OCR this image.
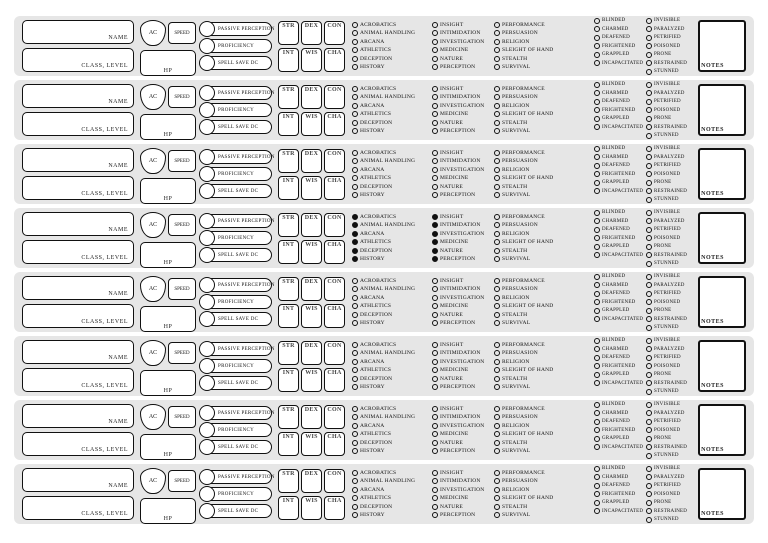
NAME
CLASS, LEVEL
AC	SPEED
HP
PASSIVE PERCEPTION
PROFICIENCY
SPELL SAVE DC
STR	DEX	CON
INT	WIS	CHA
ACROBATICS
ANIMAL HANDLING
ARCANA
ATHLETICS
DECEPTION
HISTORY
INSIGHT
INTIMIDATION
INVESTIGATION
MEDICINE
NATURE
PERCEPTION
PERFORMANCE
PERSUASION
RELIGION
SLEIGHT OF HAND
STEALTH
SURVIVAL
BLINDED
CHARMED
DEAFENED
FRIGHTENED
GRAPPLED
INCAPACITATED
INVISIBLE
PARALYZED
PETRIFIED
POISONED
PRONE
RESTRAINED
STUNNED
NOTES
NAME
CLASS, LEVEL
AC	SPEED
HP
PASSIVE PERCEPTION
PROFICIENCY
SPELL SAVE DC
STR	DEX	CON
INT	WIS	CHA
ACROBATICS
ANIMAL HANDLING
ARCANA
ATHLETICS
DECEPTION
HISTORY
INSIGHT
INTIMIDATION
INVESTIGATION
MEDICINE
NATURE
PERCEPTION
PERFORMANCE
PERSUASION
RELIGION
SLEIGHT OF HAND
STEALTH
SURVIVAL
BLINDED
CHARMED
DEAFENED
FRIGHTENED
GRAPPLED
INCAPACITATED
INVISIBLE
PARALYZED
PETRIFIED
POISONED
PRONE
RESTRAINED
STUNNED
NOTES
NAME
CLASS, LEVEL
AC	SPEED
HP
PASSIVE PERCEPTION
PROFICIENCY
SPELL SAVE DC
STR	DEX	CON
INT	WIS	CHA
ACROBATICS
ANIMAL HANDLING
ARCANA
ATHLETICS
DECEPTION
HISTORY
INSIGHT
INTIMIDATION
INVESTIGATION
MEDICINE
NATURE
PERCEPTION
PERFORMANCE
PERSUASION
RELIGION
SLEIGHT OF HAND
STEALTH
SURVIVAL
BLINDED
CHARMED
DEAFENED
FRIGHTENED
GRAPPLED
INCAPACITATED
INVISIBLE
PARALYZED
PETRIFIED
POISONED
PRONE
RESTRAINED
STUNNED
NOTES
NAME
CLASS, LEVEL
AC	SPEED
HP
PASSIVE PERCEPTION
PROFICIENCY
SPELL SAVE DC
STR	DEX	CON
INT	WIS	CHA
ACROBATICS
ANIMAL HANDLING
ARCANA
ATHLETICS
DECEPTION
HISTORY
INSIGHT
INTIMIDATION
INVESTIGATION
MEDICINE
NATURE
PERCEPTION
PERFORMANCE
PERSUASION
RELIGION
SLEIGHT OF HAND
STEALTH
SURVIVAL
BLINDED
CHARMED
DEAFENED
FRIGHTENED
GRAPPLED
INCAPACITATED
INVISIBLE
PARALYZED
PETRIFIED
POISONED
PRONE
RESTRAINED
STUNNED
NOTES
NAME
CLASS, LEVEL
AC	SPEED
HP
PASSIVE PERCEPTION
PROFICIENCY
SPELL SAVE DC
STR	DEX	CON
INT	WIS	CHA
ACROBATICS
ANIMAL HANDLING
ARCANA
ATHLETICS
DECEPTION
HISTORY
INSIGHT
INTIMIDATION
INVESTIGATION
MEDICINE
NATURE
PERCEPTION
PERFORMANCE
PERSUASION
RELIGION
SLEIGHT OF HAND
STEALTH
SURVIVAL
BLINDED
CHARMED
DEAFENED
FRIGHTENED
GRAPPLED
INCAPACITATED
INVISIBLE
PARALYZED
PETRIFIED
POISONED
PRONE
RESTRAINED
STUNNED
NOTES
NAME
CLASS, LEVEL
AC	SPEED
HP
PASSIVE PERCEPTION
PROFICIENCY
SPELL SAVE DC
STR	DEX	CON
INT	WIS	CHA
ACROBATICS
ANIMAL HANDLING
ARCANA
ATHLETICS
DECEPTION
HISTORY
INSIGHT
INTIMIDATION
INVESTIGATION
MEDICINE
NATURE
PERCEPTION
PERFORMANCE
PERSUASION
RELIGION
SLEIGHT OF HAND
STEALTH
SURVIVAL
BLINDED
CHARMED
DEAFENED
FRIGHTENED
GRAPPLED
INCAPACITATED
INVISIBLE
PARALYZED
PETRIFIED
POISONED
PRONE
RESTRAINED
STUNNED
NOTES
NAME
CLASS, LEVEL
AC	SPEED
HP
PASSIVE PERCEPTION
PROFICIENCY
SPELL SAVE DC
STR	DEX	CON
INT	WIS	CHA
ACROBATICS
ANIMAL HANDLING
ARCANA
ATHLETICS
DECEPTION
HISTORY
INSIGHT
INTIMIDATION
INVESTIGATION
MEDICINE
NATURE
PERCEPTION
PERFORMANCE
PERSUASION
RELIGION
SLEIGHT OF HAND
STEALTH
SURVIVAL
BLINDED
CHARMED
DEAFENED
FRIGHTENED
GRAPPLED
INCAPACITATED
INVISIBLE
PARALYZED
PETRIFIED
POISONED
PRONE
RESTRAINED
STUNNED
NOTES
NAME
CLASS, LEVEL
AC	SPEED
HP
PASSIVE PERCEPTION
PROFICIENCY
SPELL SAVE DC
STR	DEX	CON
INT	WIS	CHA
ACROBATICS
ANIMAL HANDLING
ARCANA
ATHLETICS
DECEPTION
HISTORY
INSIGHT
INTIMIDATION
INVESTIGATION
MEDICINE
NATURE
PERCEPTION
PERFORMANCE
PERSUASION
RELIGION
SLEIGHT OF HAND
STEALTH
SURVIVAL
BLINDED
CHARMED
DEAFENED
FRIGHTENED
GRAPPLED
INCAPACITATED
INVISIBLE
PARALYZED
PETRIFIED
POISONED
PRONE
RESTRAINED
STUNNED
NOTES
